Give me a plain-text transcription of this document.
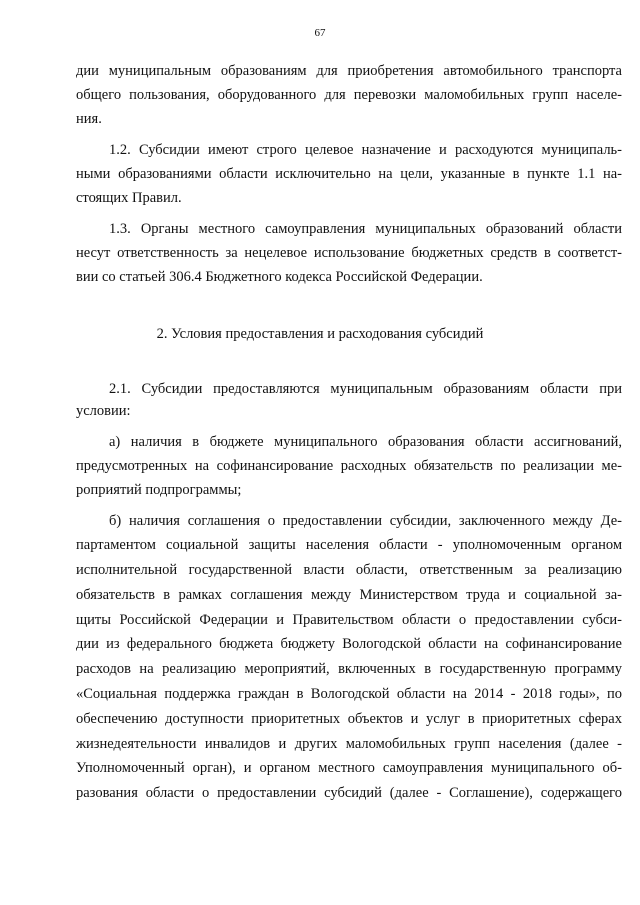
67
дии муниципальным образованиям для приобретения автомобильного транспорта
общего пользования, оборудованного для перевозки маломобильных групп населе-
ния.
1.2. Субсидии имеют строго целевое назначение и расходуются муниципаль-
ными образованиями области исключительно на цели, указанные в пункте 1.1 на-
стоящих Правил.
1.3. Органы местного самоуправления муниципальных образований области
несут ответственность за нецелевое использование бюджетных средств в соответст-
вии со статьей 306.4 Бюджетного кодекса Российской Федерации.
2. Условия предоставления и расходования субсидий
2.1. Субсидии предоставляются муниципальным образованиям области при
условии:
а) наличия в бюджете муниципального образования области ассигнований,
предусмотренных на софинансирование расходных обязательств по реализации ме-
роприятий подпрограммы;
б) наличия соглашения о предоставлении субсидии, заключенного между Де-
партаментом социальной защиты населения области - уполномоченным органом
исполнительной государственной власти области, ответственным за реализацию
обязательств в рамках соглашения между Министерством труда и социальной за-
щиты Российской Федерации и Правительством области о предоставлении субси-
дии из федерального бюджета бюджету Вологодской области на софинансирование
расходов на реализацию мероприятий, включенных в государственную программу
«Социальная поддержка граждан в Вологодской области на 2014 - 2018 годы», по
обеспечению доступности приоритетных объектов и услуг в приоритетных сферах
жизнедеятельности инвалидов и других маломобильных групп населения (далее -
Уполномоченный орган), и органом местного самоуправления муниципального об-
разования области о предоставлении субсидий (далее - Соглашение), содержащего
